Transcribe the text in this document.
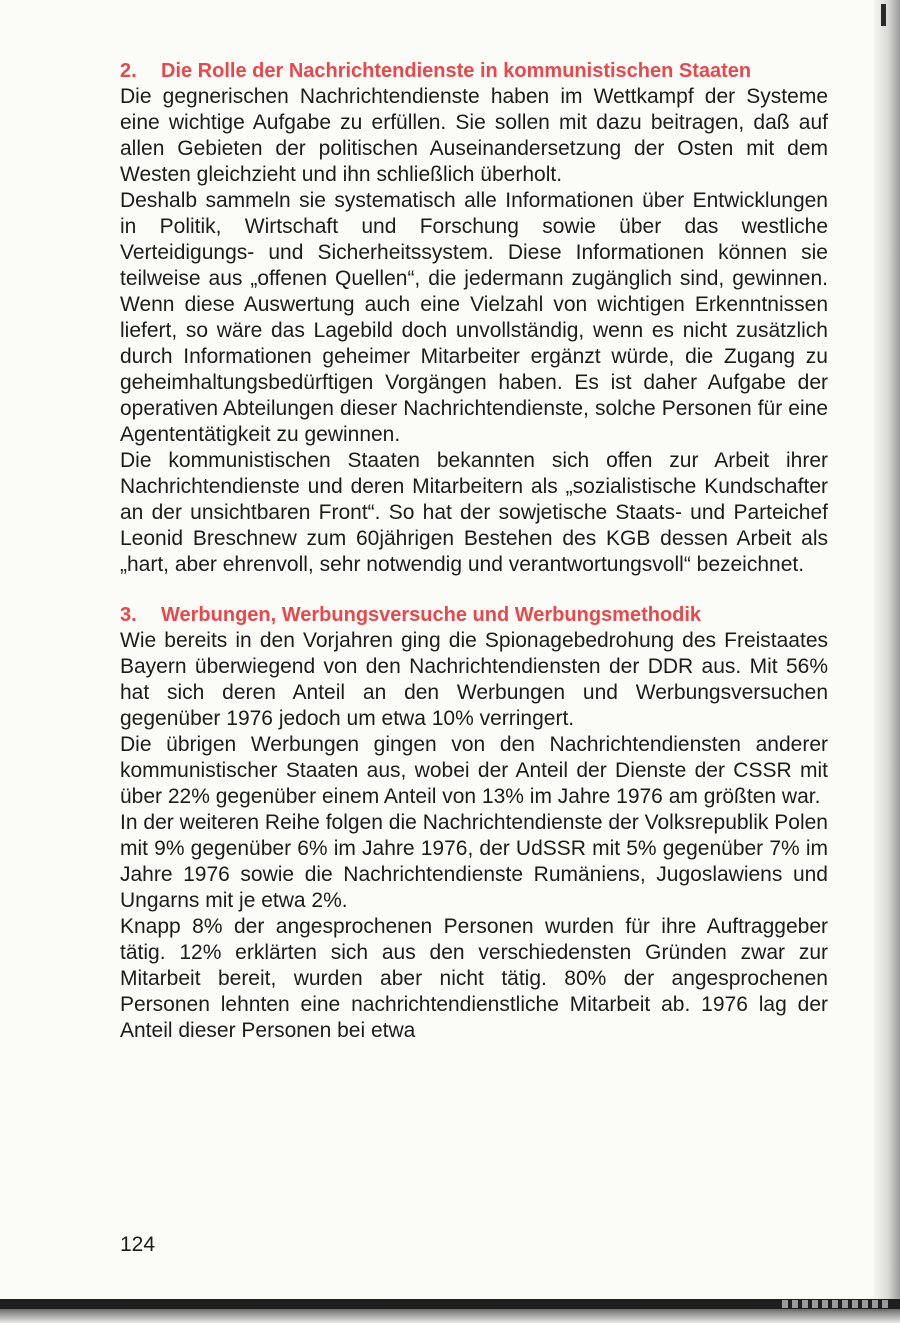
2.	Die Rolle der Nachrichtendienste in kommunistischen Staaten

Die gegnerischen Nachrichtendienste haben im Wettkampf der Systeme eine wichtige Aufgabe zu erfüllen. Sie sollen mit dazu beitragen, daß auf allen Gebieten der politischen Auseinandersetzung der Osten mit dem Westen gleichzieht und ihn schließlich überholt.

Deshalb sammeln sie systematisch alle Informationen über Entwicklungen in Politik, Wirtschaft und Forschung sowie über das westliche Verteidigungs- und Sicherheitssystem. Diese Informationen können sie teilweise aus „offenen Quellen“, die jedermann zugänglich sind, gewinnen. Wenn diese Auswertung auch eine Vielzahl von wichtigen Erkenntnissen liefert, so wäre das Lagebild doch unvollständig, wenn es nicht zusätzlich durch Informationen geheimer Mitarbeiter ergänzt würde, die Zugang zu geheimhaltungsbedürftigen Vorgängen haben. Es ist daher Aufgabe der operativen Abteilungen dieser Nachrichtendienste, solche Personen für eine Agententätigkeit zu gewinnen.

Die kommunistischen Staaten bekannten sich offen zur Arbeit ihrer Nachrichtendienste und deren Mitarbeitern als „sozialistische Kundschafter an der unsichtbaren Front“. So hat der sowjetische Staats- und Parteichef Leonid Breschnew zum 60jährigen Bestehen des KGB dessen Arbeit als „hart, aber ehrenvoll, sehr notwendig und verantwortungsvoll“ bezeichnet.

3.	Werbungen, Werbungsversuche und Werbungsmethodik

Wie bereits in den Vorjahren ging die Spionagebedrohung des Freistaates Bayern überwiegend von den Nachrichtendiensten der DDR aus. Mit 56% hat sich deren Anteil an den Werbungen und Werbungsversuchen gegenüber 1976 jedoch um etwa 10% verringert.

Die übrigen Werbungen gingen von den Nachrichtendiensten anderer kommunistischer Staaten aus, wobei der Anteil der Dienste der CSSR mit über 22% gegenüber einem Anteil von 13% im Jahre 1976 am größten war.

In der weiteren Reihe folgen die Nachrichtendienste der Volksrepublik Polen mit 9% gegenüber 6% im Jahre 1976, der UdSSR mit 5% gegenüber 7% im Jahre 1976 sowie die Nachrichtendienste Rumäniens, Jugoslawiens und Ungarns mit je etwa 2%.

Knapp 8% der angesprochenen Personen wurden für ihre Auftraggeber tätig. 12% erklärten sich aus den verschiedensten Gründen zwar zur Mitarbeit bereit, wurden aber nicht tätig. 80% der angesprochenen Personen lehnten eine nachrichtendienstliche Mitarbeit ab. 1976 lag der Anteil dieser Personen bei etwa

124
